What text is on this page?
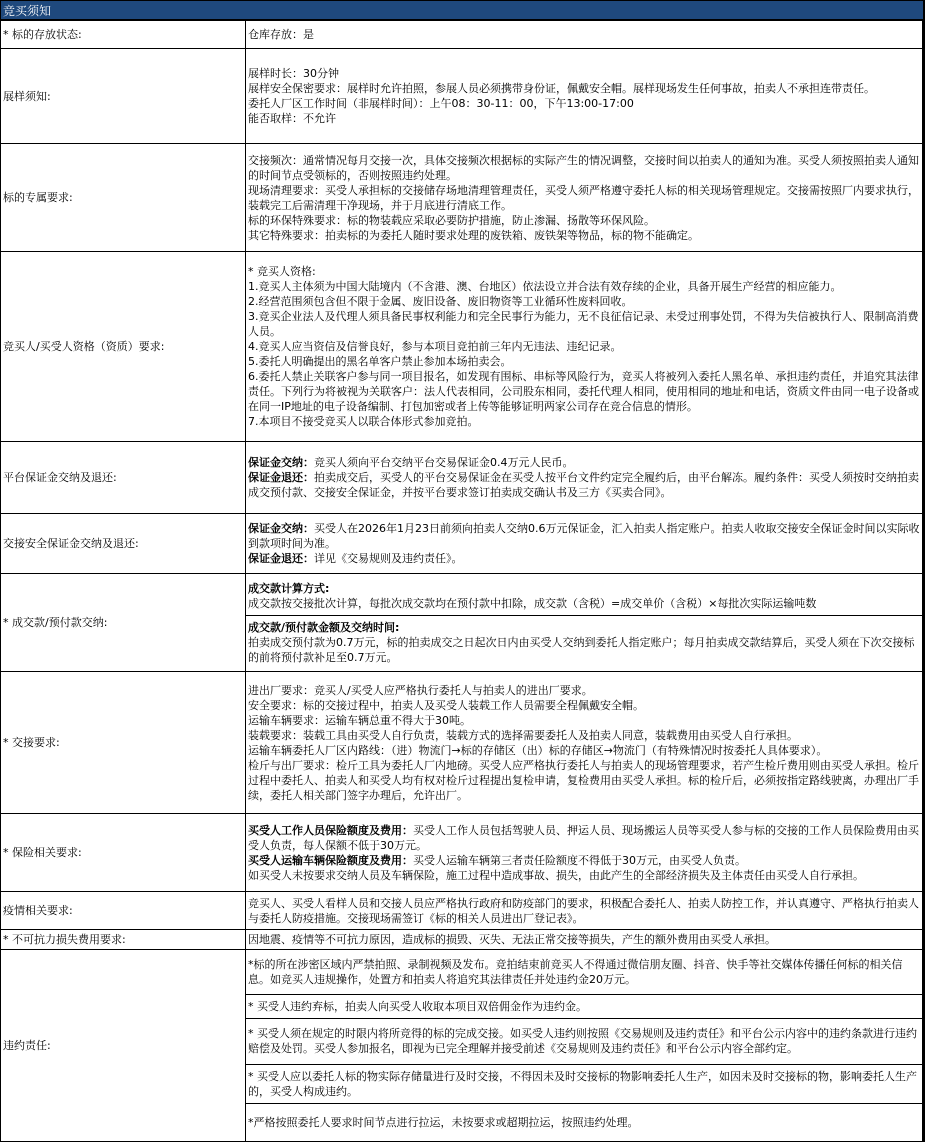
竞买须知
* 标的存放状态:	仓库存放：是
展样须知:	
展样时长：30分钟
展样安全保密要求：展样时允许拍照，参展人员必须携带身份证，佩戴安全帽。展样现场发生任何事故，拍卖人不承担连带责任。
委托人厂区工作时间（非展样时间）：上午08：30-11：00，下午13:00-17:00
能否取样：不允许

标的专属要求:	
交接频次：通常情况每月交接一次，具体交接频次根据标的实际产生的情况调整，交接时间以拍卖人的通知为准。买受人须按照拍卖人通知的时间节点受领标的，否则按照违约处理。
现场清理要求：买受人承担标的交接储存场地清理管理责任，买受人须严格遵守委托人标的相关现场管理规定。交接需按照厂内要求执行，装载完工后需清理干净现场，并于月底进行清底工作。
标的环保特殊要求：标的物装载应采取必要防护措施，防止渗漏、扬散等环保风险。
其它特殊要求：拍卖标的为委托人随时要求处理的废铁箱、废铁架等物品，标的物不能确定。

竞买人/买受人资格（资质）要求:	
* 竞买人资格:
1.竞买人主体须为中国大陆境内（不含港、澳、台地区）依法设立并合法有效存续的企业，具备开展生产经营的相应能力。
2.经营范围须包含但不限于金属、废旧设备、废旧物资等工业循环性废料回收。
3.竞买企业法人及代理人须具备民事权利能力和完全民事行为能力，无不良征信记录、未受过刑事处罚，不得为失信被执行人、限制高消费人员。
4.竞买人应当资信及信誉良好，参与本项目竞拍前三年内无违法、违纪记录。
5.委托人明确提出的黑名单客户禁止参加本场拍卖会。
6.委托人禁止关联客户参与同一项目报名，如发现有围标、串标等风险行为，竞买人将被列入委托人黑名单、承担违约责任，并追究其法律责任。下列行为将被视为关联客户：法人代表相同，公司股东相同，委托代理人相同，使用相同的地址和电话，资质文件由同一电子设备或在同一IP地址的电子设备编制、打包加密或者上传等能够证明两家公司存在竞合信息的情形。
7.本项目不接受竞买人以联合体形式参加竞拍。

平台保证金交纳及退还:	
保证金交纳：竞买人须向平台交纳平台交易保证金0.4万元人民币。
保证金退还：拍卖成交后，买受人的平台交易保证金在买受人按平台文件约定完全履约后，由平台解冻。履约条件：买受人须按时交纳拍卖成交预付款、交接安全保证金，并按平台要求签订拍卖成交确认书及三方《买卖合同》。

交接安全保证金交纳及退还:	
保证金交纳：买受人在2026年1月23日前须向拍卖人交纳0.6万元保证金，汇入拍卖人指定账户。拍卖人收取交接安全保证金时间以实际收到款项时间为准。
保证金退还：详见《交易规则及违约责任》。

* 成交款/预付款交纳:	
成交款计算方式:
成交款按交接批次计算，每批次成交款均在预付款中扣除，成交款（含税）=成交单价（含税）×每批次实际运输吨数

成交款/预付款金额及交纳时间:
拍卖成交预付款为0.7万元，标的拍卖成交之日起次日内由买受人交纳到委托人指定账户；每月拍卖成交款结算后，买受人须在下次交接标的前将预付款补足至0.7万元。

* 交接要求:	
进出厂要求：竞买人/买受人应严格执行委托人与拍卖人的进出厂要求。
安全要求：标的交接过程中，拍卖人及买受人装载工作人员需要全程佩戴安全帽。
运输车辆要求：运输车辆总重不得大于30吨。
装载要求：装载工具由买受人自行负责，装载方式的选择需要委托人及拍卖人同意，装载费用由买受人自行承担。
运输车辆委托人厂区内路线：（进）物流门→标的存储区（出）标的存储区→物流门（有特殊情况时按委托人具体要求）。
检斤与出厂要求：检斤工具为委托人厂内地磅。买受人应严格执行委托人与拍卖人的现场管理要求，若产生检斤费用则由买受人承担。检斤过程中委托人、拍卖人和买受人均有权对检斤过程提出复检申请，复检费用由买受人承担。标的检斤后，必须按指定路线驶离，办理出厂手续，委托人相关部门签字办理后，允许出厂。

* 保险相关要求:	
买受人工作人员保险额度及费用：买受人工作人员包括驾驶人员、押运人员、现场搬运人员等买受人参与标的交接的工作人员保险费用由买受人负责，每人保额不低于30万元。
买受人运输车辆保险额度及费用：买受人运输车辆第三者责任险额度不得低于30万元，由买受人负责。
如买受人未按要求交纳人员及车辆保险，施工过程中造成事故、损失，由此产生的全部经济损失及主体责任由买受人自行承担。

疫情相关要求:	竞买人、买受人看样人员和交接人员应严格执行政府和防疫部门的要求，积极配合委托人、拍卖人防控工作，并认真遵守、严格执行拍卖人与委托人防疫措施。交接现场需签订《标的相关人员进出厂登记表》。
* 不可抗力损失费用要求:	因地震、疫情等不可抗力原因，造成标的损毁、灭失、无法正常交接等损失，产生的额外费用由买受人承担。
违约责任:	
*标的所在涉密区域内严禁拍照、录制视频及发布。竞拍结束前竞买人不得通过微信朋友圈、抖音、快手等社交媒体传播任何标的相关信息。如竞买人违规操作，处置方和拍卖人将追究其法律责任并处违约金20万元。
* 买受人违约弃标，拍卖人向买受人收取本项目双倍佣金作为违约金。
* 买受人须在规定的时限内将所竞得的标的完成交接。如买受人违约则按照《交易规则及违约责任》和平台公示内容中的违约条款进行违约赔偿及处罚。买受人参加报名，即视为已完全理解并接受前述《交易规则及违约责任》和平台公示内容全部约定。
* 买受人应以委托人标的物实际存储量进行及时交接，不得因未及时交接标的物影响委托人生产，如因未及时交接标的物，影响委托人生产的，买受人构成违约。
*严格按照委托人要求时间节点进行拉运，未按要求或超期拉运，按照违约处理。
